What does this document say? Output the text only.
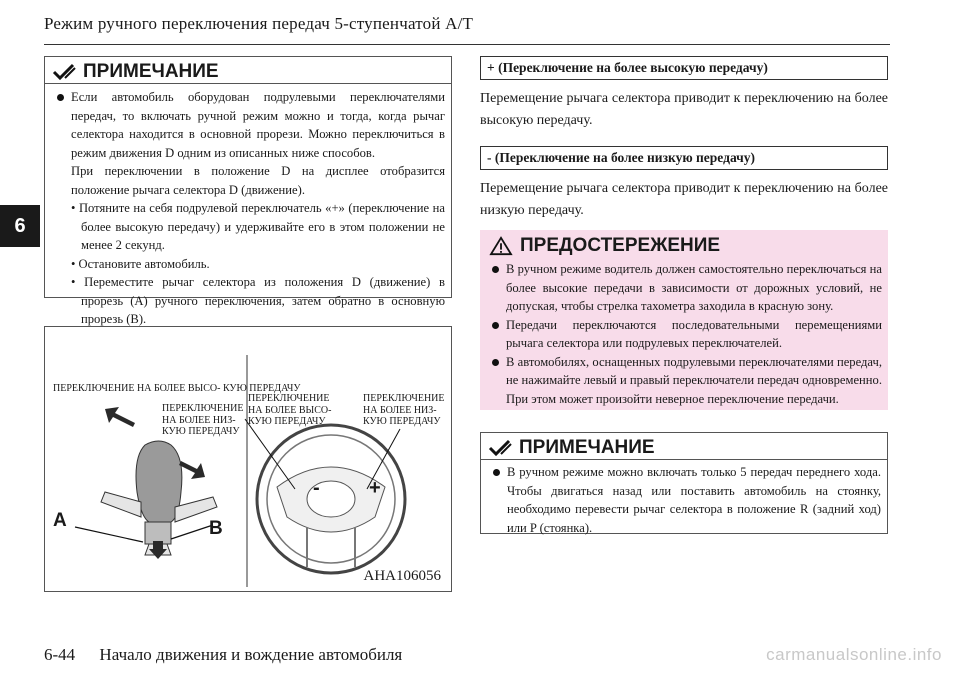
Режим ручного переключения передач 5-ступенчатой А/Т
6
ПРИМЕЧАНИЕ

Если автомобиль оборудован подрулевыми переключателями передач, то включать ручной режим можно и тогда, когда рычаг селектора находится в основной прорези. Можно переключиться в режим движения D одним из описанных ниже способов.

При переключении в положение D на дисплее отобразится положение рычага селектора D (движение).

• Потяните на себя подрулевой переключатель «+» (переключение на более высокую передачу) и удерживайте его в этом положении не менее 2 секунд.

• Остановите автомобиль.

• Переместите рычаг селектора из положения D (движение) в прорезь (A) ручного переключения, затем обратно в основную прорезь (B).

ПЕРЕКЛЮЧЕНИЕ НА БОЛЕЕ ВЫСО- КУЮ ПЕРЕДАЧУ
ПЕРЕКЛЮЧЕНИЕ НА БОЛЕЕ НИЗ- КУЮ ПЕРЕДАЧУ
ПЕРЕКЛЮЧЕНИЕ НА БОЛЕЕ ВЫСО- КУЮ ПЕРЕДАЧУ
ПЕРЕКЛЮЧЕНИЕ НА БОЛЕЕ НИЗ- КУЮ ПЕРЕДАЧУ
A	B
- +
AHA106056
+ (Переключение на более высокую передачу)
Перемещение рычага селектора приводит к переключению на более высокую передачу.
- (Переключение на более низкую передачу)
Перемещение рычага селектора приводит к переключению на более низкую передачу.
ПРЕДОСТЕРЕЖЕНИЕ

В ручном режиме водитель должен самостоятельно переключаться на более высокие передачи в зависимости от дорожных условий, не допуская, чтобы стрелка тахометра заходила в красную зону.

Передачи переключаются последовательными перемещениями рычага селектора или подрулевых переключателей.

В автомобилях, оснащенных подрулевыми переключателями передач, не нажимайте левый и правый переключатели передач одновременно. При этом может произойти неверное переключение передачи.

ПРИМЕЧАНИЕ

В ручном режиме можно включать только 5 передач переднего хода. Чтобы двигаться назад или поставить автомобиль на стоянку, необходимо перевести рычаг селектора в положение R (задний ход) или P (стоянка).

6-44 Начало движения и вождение автомобиля	carmanualsonline.info
